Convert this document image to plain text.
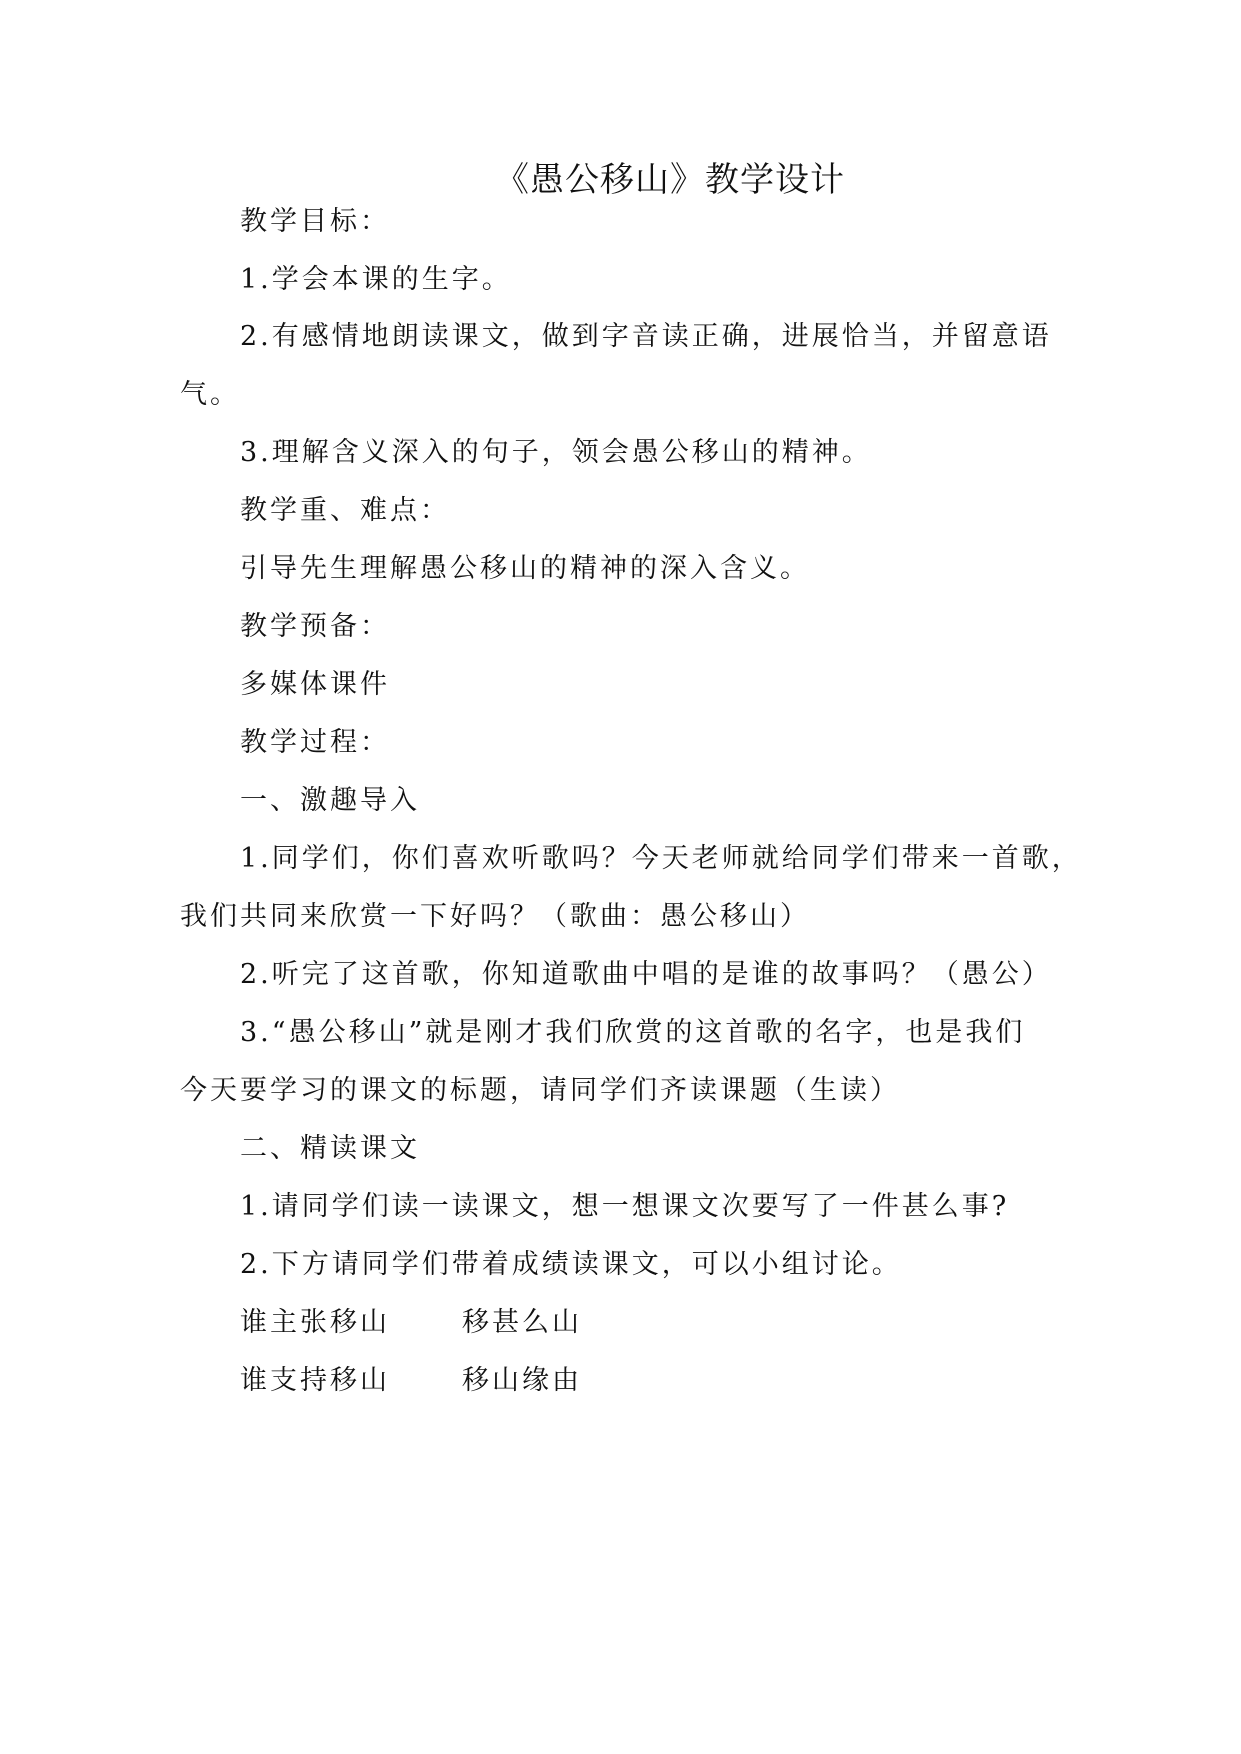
《愚公移山》教学设计
教学目标：
1.学会本课的生字。
2.有感情地朗读课文，做到字音读正确，进展恰当，并留意语
气。
3.理解含义深入的句子，领会愚公移山的精神。
教学重、难点：
引导先生理解愚公移山的精神的深入含义。
教学预备：
多媒体课件
教学过程：
一、激趣导入
1.同学们，你们喜欢听歌吗？今天老师就给同学们带来一首歌，
我们共同来欣赏一下好吗？（歌曲：愚公移山）
2.听完了这首歌，你知道歌曲中唱的是谁的故事吗？（愚公）
3.“愚公移山”就是刚才我们欣赏的这首歌的名字，也是我们
今天要学习的课文的标题，请同学们齐读课题（生读）
二、精读课文
1.请同学们读一读课文，想一想课文次要写了一件甚么事?
2.下方请同学们带着成绩读课文，可以小组讨论。
谁主张移山	移甚么山
谁支持移山	移山缘由
